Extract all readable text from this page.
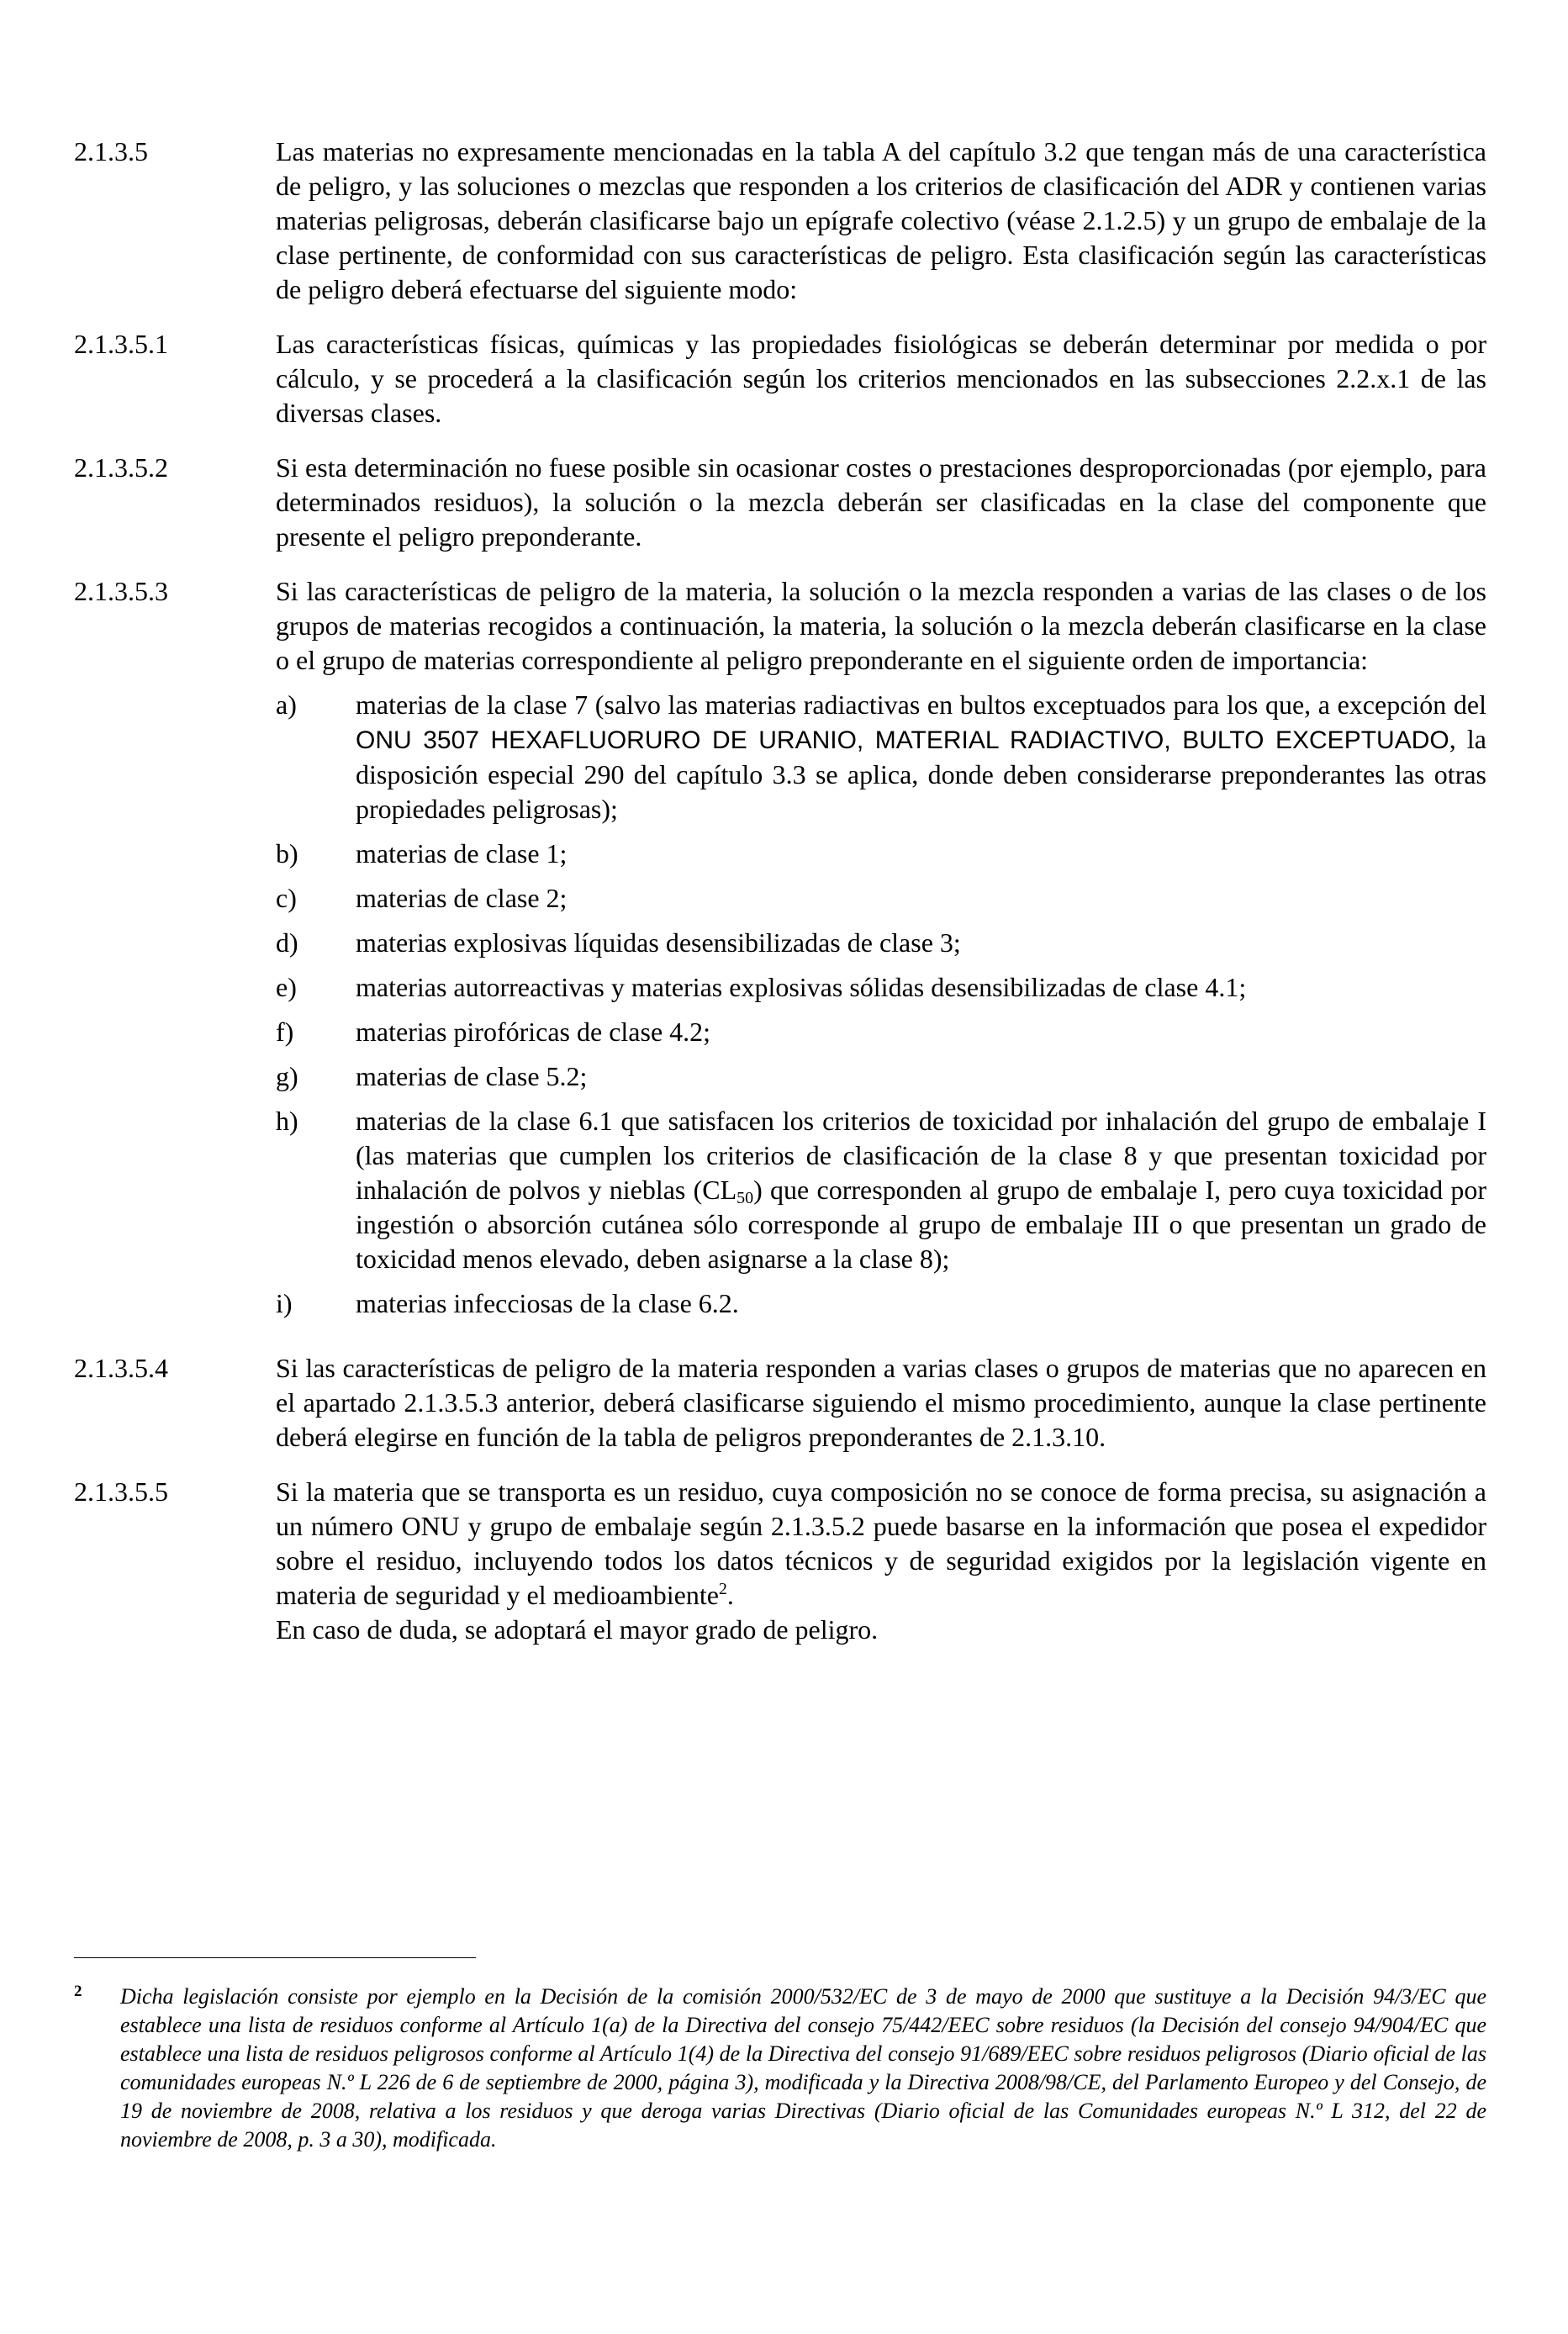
2.1.3.5	Las materias no expresamente mencionadas en la tabla A del capítulo 3.2 que tengan más de una característica de peligro, y las soluciones o mezclas que responden a los criterios de clasificación del ADR y contienen varias materias peligrosas, deberán clasificarse bajo un epígrafe colectivo (véase 2.1.2.5) y un grupo de embalaje de la clase pertinente, de conformidad con sus características de peligro. Esta clasificación según las características de peligro deberá efectuarse del siguiente modo:

2.1.3.5.1	Las características físicas, químicas y las propiedades fisiológicas se deberán determinar por medida o por cálculo, y se procederá a la clasificación según los criterios mencionados en las subsecciones 2.2.x.1 de las diversas clases.

2.1.3.5.2	Si esta determinación no fuese posible sin ocasionar costes o prestaciones desproporcionadas (por ejemplo, para determinados residuos), la solución o la mezcla deberán ser clasificadas en la clase del componente que presente el peligro preponderante.

2.1.3.5.3	Si las características de peligro de la materia, la solución o la mezcla responden a varias de las clases o de los grupos de materias recogidos a continuación, la materia, la solución o la mezcla deberán clasificarse en la clase o el grupo de materias correspondiente al peligro preponderante en el siguiente orden de importancia:

a)	materias de la clase 7 (salvo las materias radiactivas en bultos exceptuados para los que, a excepción del ONU 3507 HEXAFLUORURO DE URANIO, MATERIAL RADIACTIVO, BULTO EXCEPTUADO, la disposición especial 290 del capítulo 3.3 se aplica, donde deben considerarse preponderantes las otras propiedades peligrosas);
b)	materias de clase 1;
c)	materias de clase 2;
d)	materias explosivas líquidas desensibilizadas de clase 3;
e)	materias autorreactivas y materias explosivas sólidas desensibilizadas de clase 4.1;
f)	materias pirofóricas de clase 4.2;
g)	materias de clase 5.2;
h)	materias de la clase 6.1 que satisfacen los criterios de toxicidad por inhalación del grupo de embalaje I (las materias que cumplen los criterios de clasificación de la clase 8 y que presentan toxicidad por inhalación de polvos y nieblas $(CL_{50})$ que corresponden al grupo de embalaje I, pero cuya toxicidad por ingestión o absorción cutánea sólo corresponde al grupo de embalaje III o que presentan un grado de toxicidad menos elevado, deben asignarse a la clase 8);
i)	materias infecciosas de la clase 6.2.
2.1.3.5.4	Si las características de peligro de la materia responden a varias clases o grupos de materias que no aparecen en el apartado 2.1.3.5.3 anterior, deberá clasificarse siguiendo el mismo procedimiento, aunque la clase pertinente deberá elegirse en función de la tabla de peligros preponderantes de 2.1.3.10.

2.1.3.5.5	Si la materia que se transporta es un residuo, cuya composición no se conoce de forma precisa, su asignación a un número ONU y grupo de embalaje según 2.1.3.5.2 puede basarse en la información que posea el expedidor sobre el residuo, incluyendo todos los datos técnicos y de seguridad exigidos por la legislación vigente en materia de seguridad y el medioambiente$^2$.

En caso de duda, se adoptará el mayor grado de peligro.

2	Dicha legislación consiste por ejemplo en la Decisión de la comisión 2000/532/EC de 3 de mayo de 2000 que sustituye a la Decisión 94/3/EC que establece una lista de residuos conforme al Artículo 1(a) de la Directiva del consejo 75/442/EEC sobre residuos (la Decisión del consejo 94/904/EC que establece una lista de residuos peligrosos conforme al Artículo 1(4) de la Directiva del consejo 91/689/EEC sobre residuos peligrosos (Diario oficial de las comunidades europeas N.º L 226 de 6 de septiembre de 2000, página 3), modificada y la Directiva 2008/98/CE, del Parlamento Europeo y del Consejo, de 19 de noviembre de 2008, relativa a los residuos y que deroga varias Directivas (Diario oficial de las Comunidades europeas N.º L 312, del 22 de noviembre de 2008, p. 3 a 30), modificada.
